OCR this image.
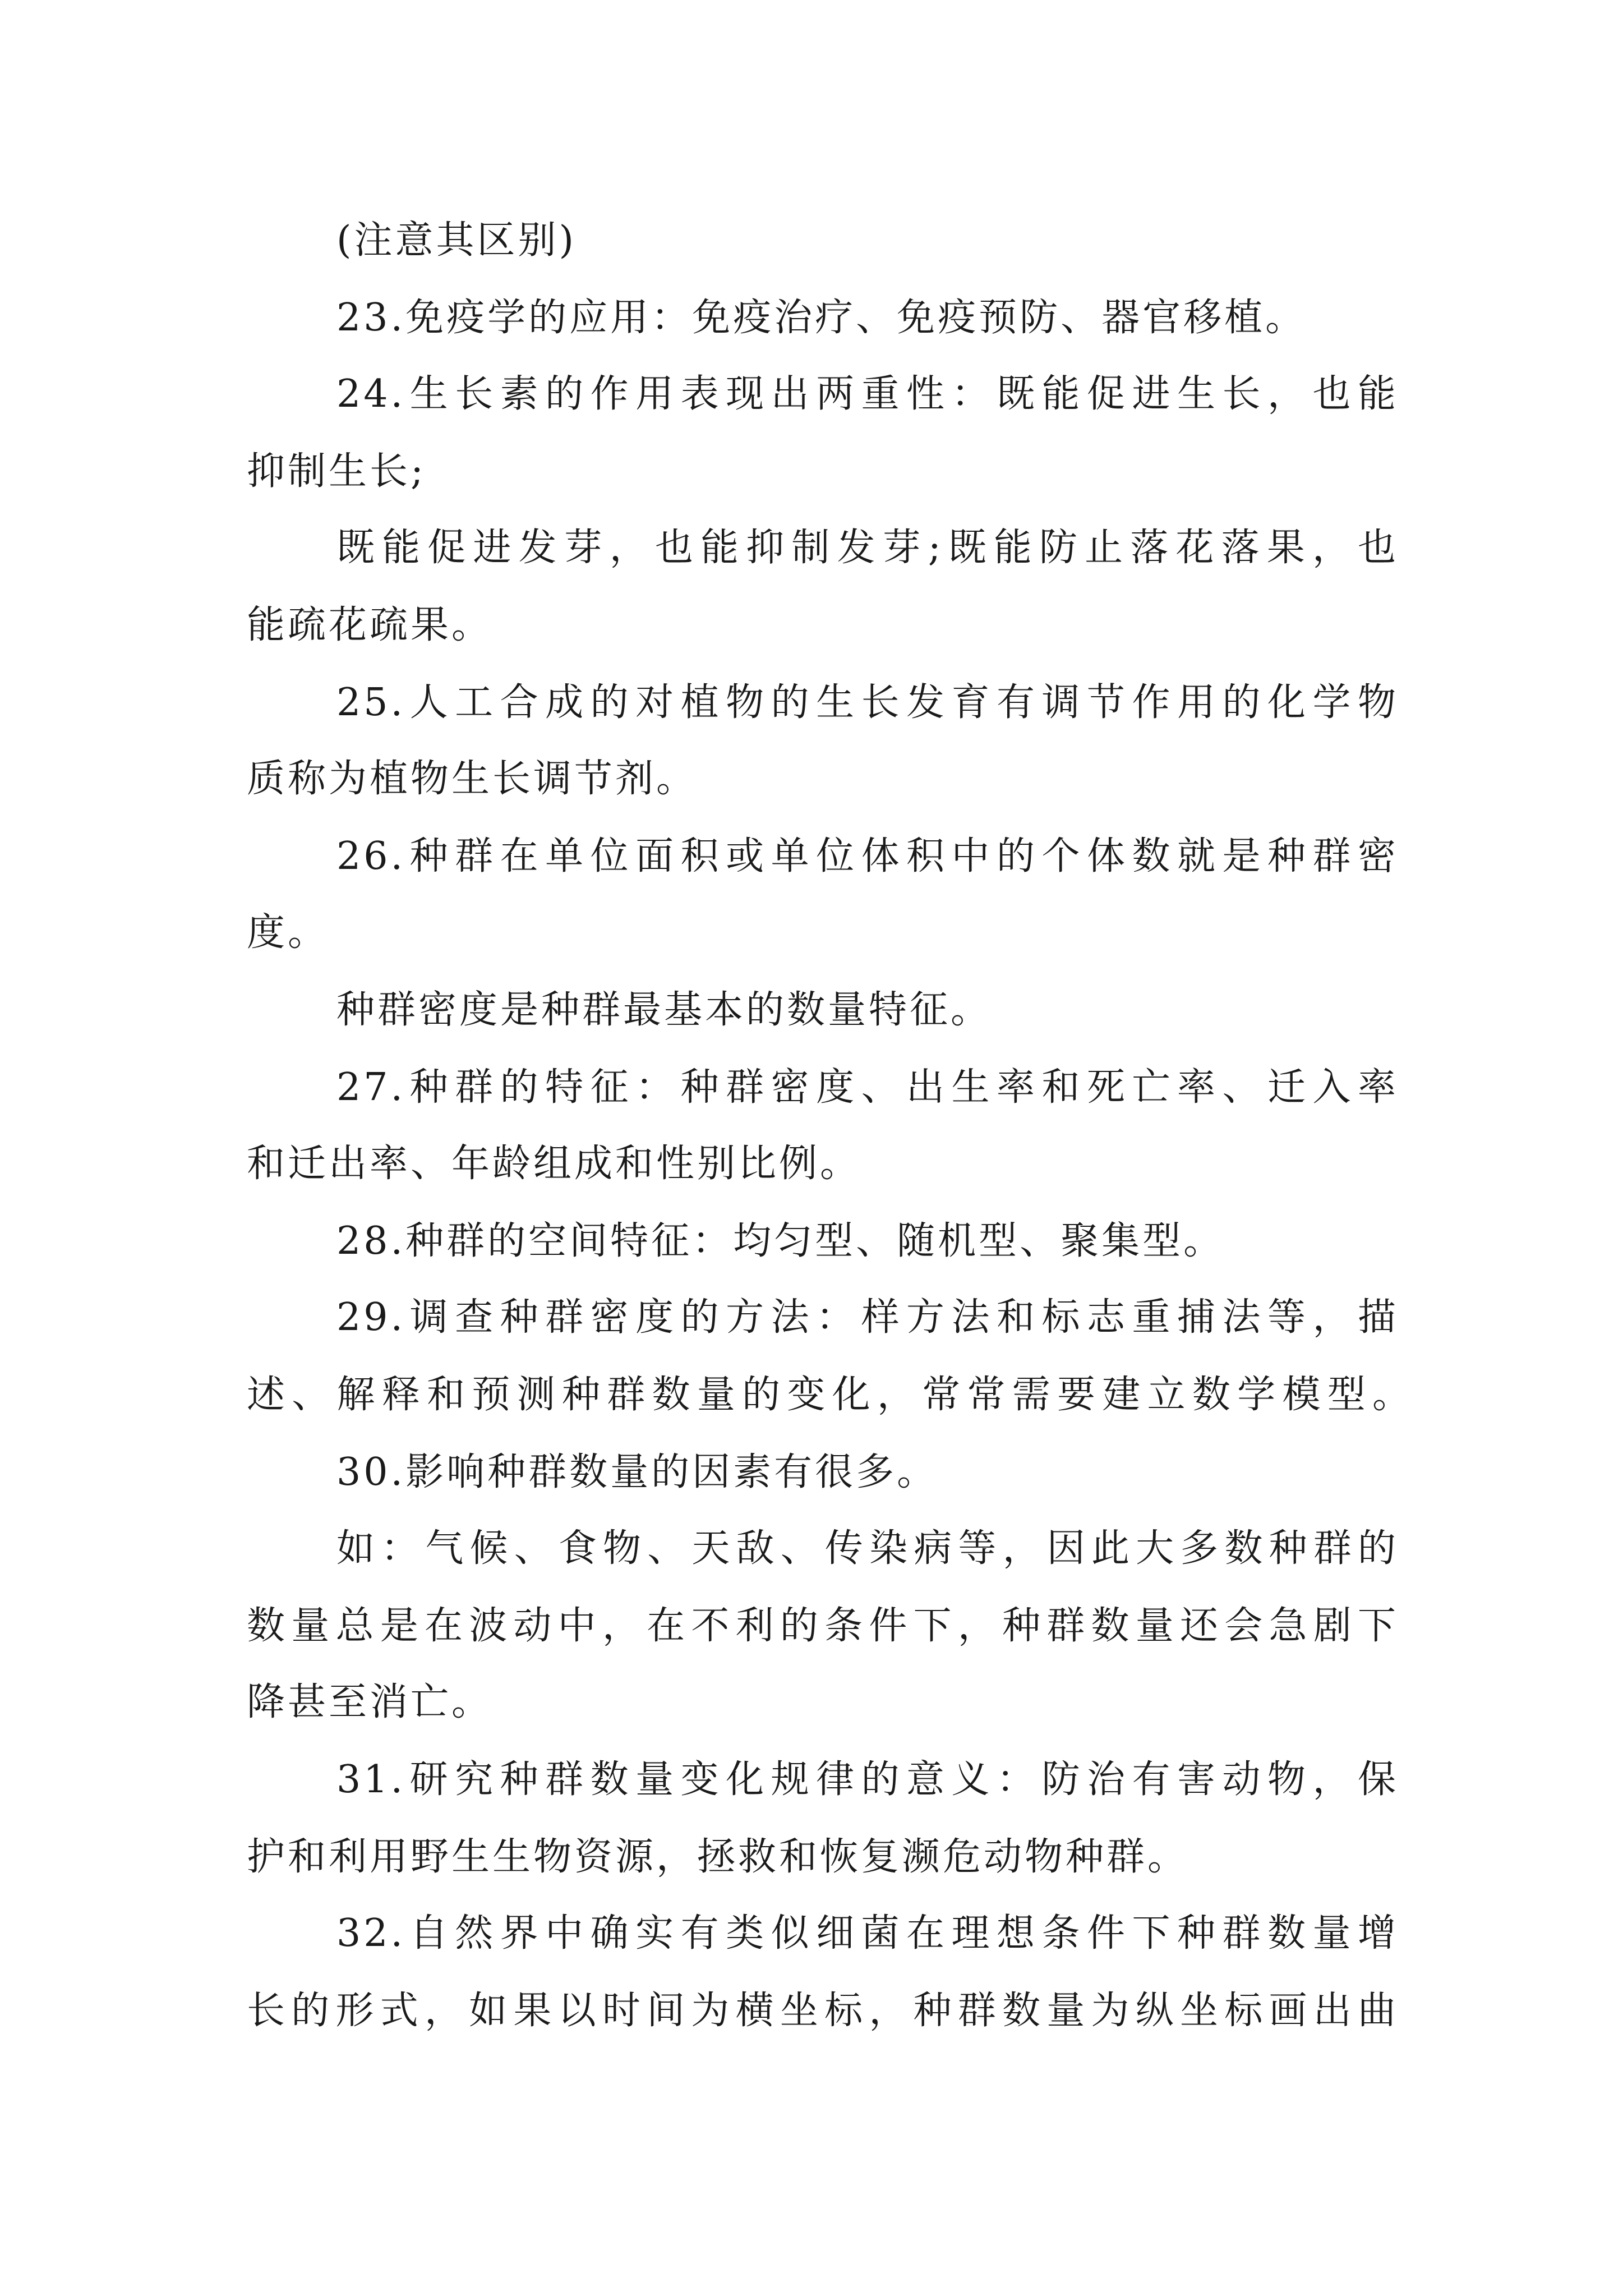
(注意其区别)
23.免疫学的应用：免疫治疗、免疫预防、器官移植。
24.生长素的作用表现出两重性：既能促进生长，也能
抑制生长;
既能促进发芽，也能抑制发芽;既能防止落花落果，也
能疏花疏果。
25.人工合成的对植物的生长发育有调节作用的化学物
质称为植物生长调节剂。
26.种群在单位面积或单位体积中的个体数就是种群密
度。
种群密度是种群最基本的数量特征。
27.种群的特征：种群密度、出生率和死亡率、迁入率
和迁出率、年龄组成和性别比例。
28.种群的空间特征：均匀型、随机型、聚集型。
29.调查种群密度的方法：样方法和标志重捕法等，描
述、解释和预测种群数量的变化，常常需要建立数学模型。
30.影响种群数量的因素有很多。
如：气候、食物、天敌、传染病等，因此大多数种群的
数量总是在波动中，在不利的条件下，种群数量还会急剧下
降甚至消亡。
31.研究种群数量变化规律的意义：防治有害动物，保
护和利用野生生物资源，拯救和恢复濒危动物种群。
32.自然界中确实有类似细菌在理想条件下种群数量增
长的形式，如果以时间为横坐标，种群数量为纵坐标画出曲
